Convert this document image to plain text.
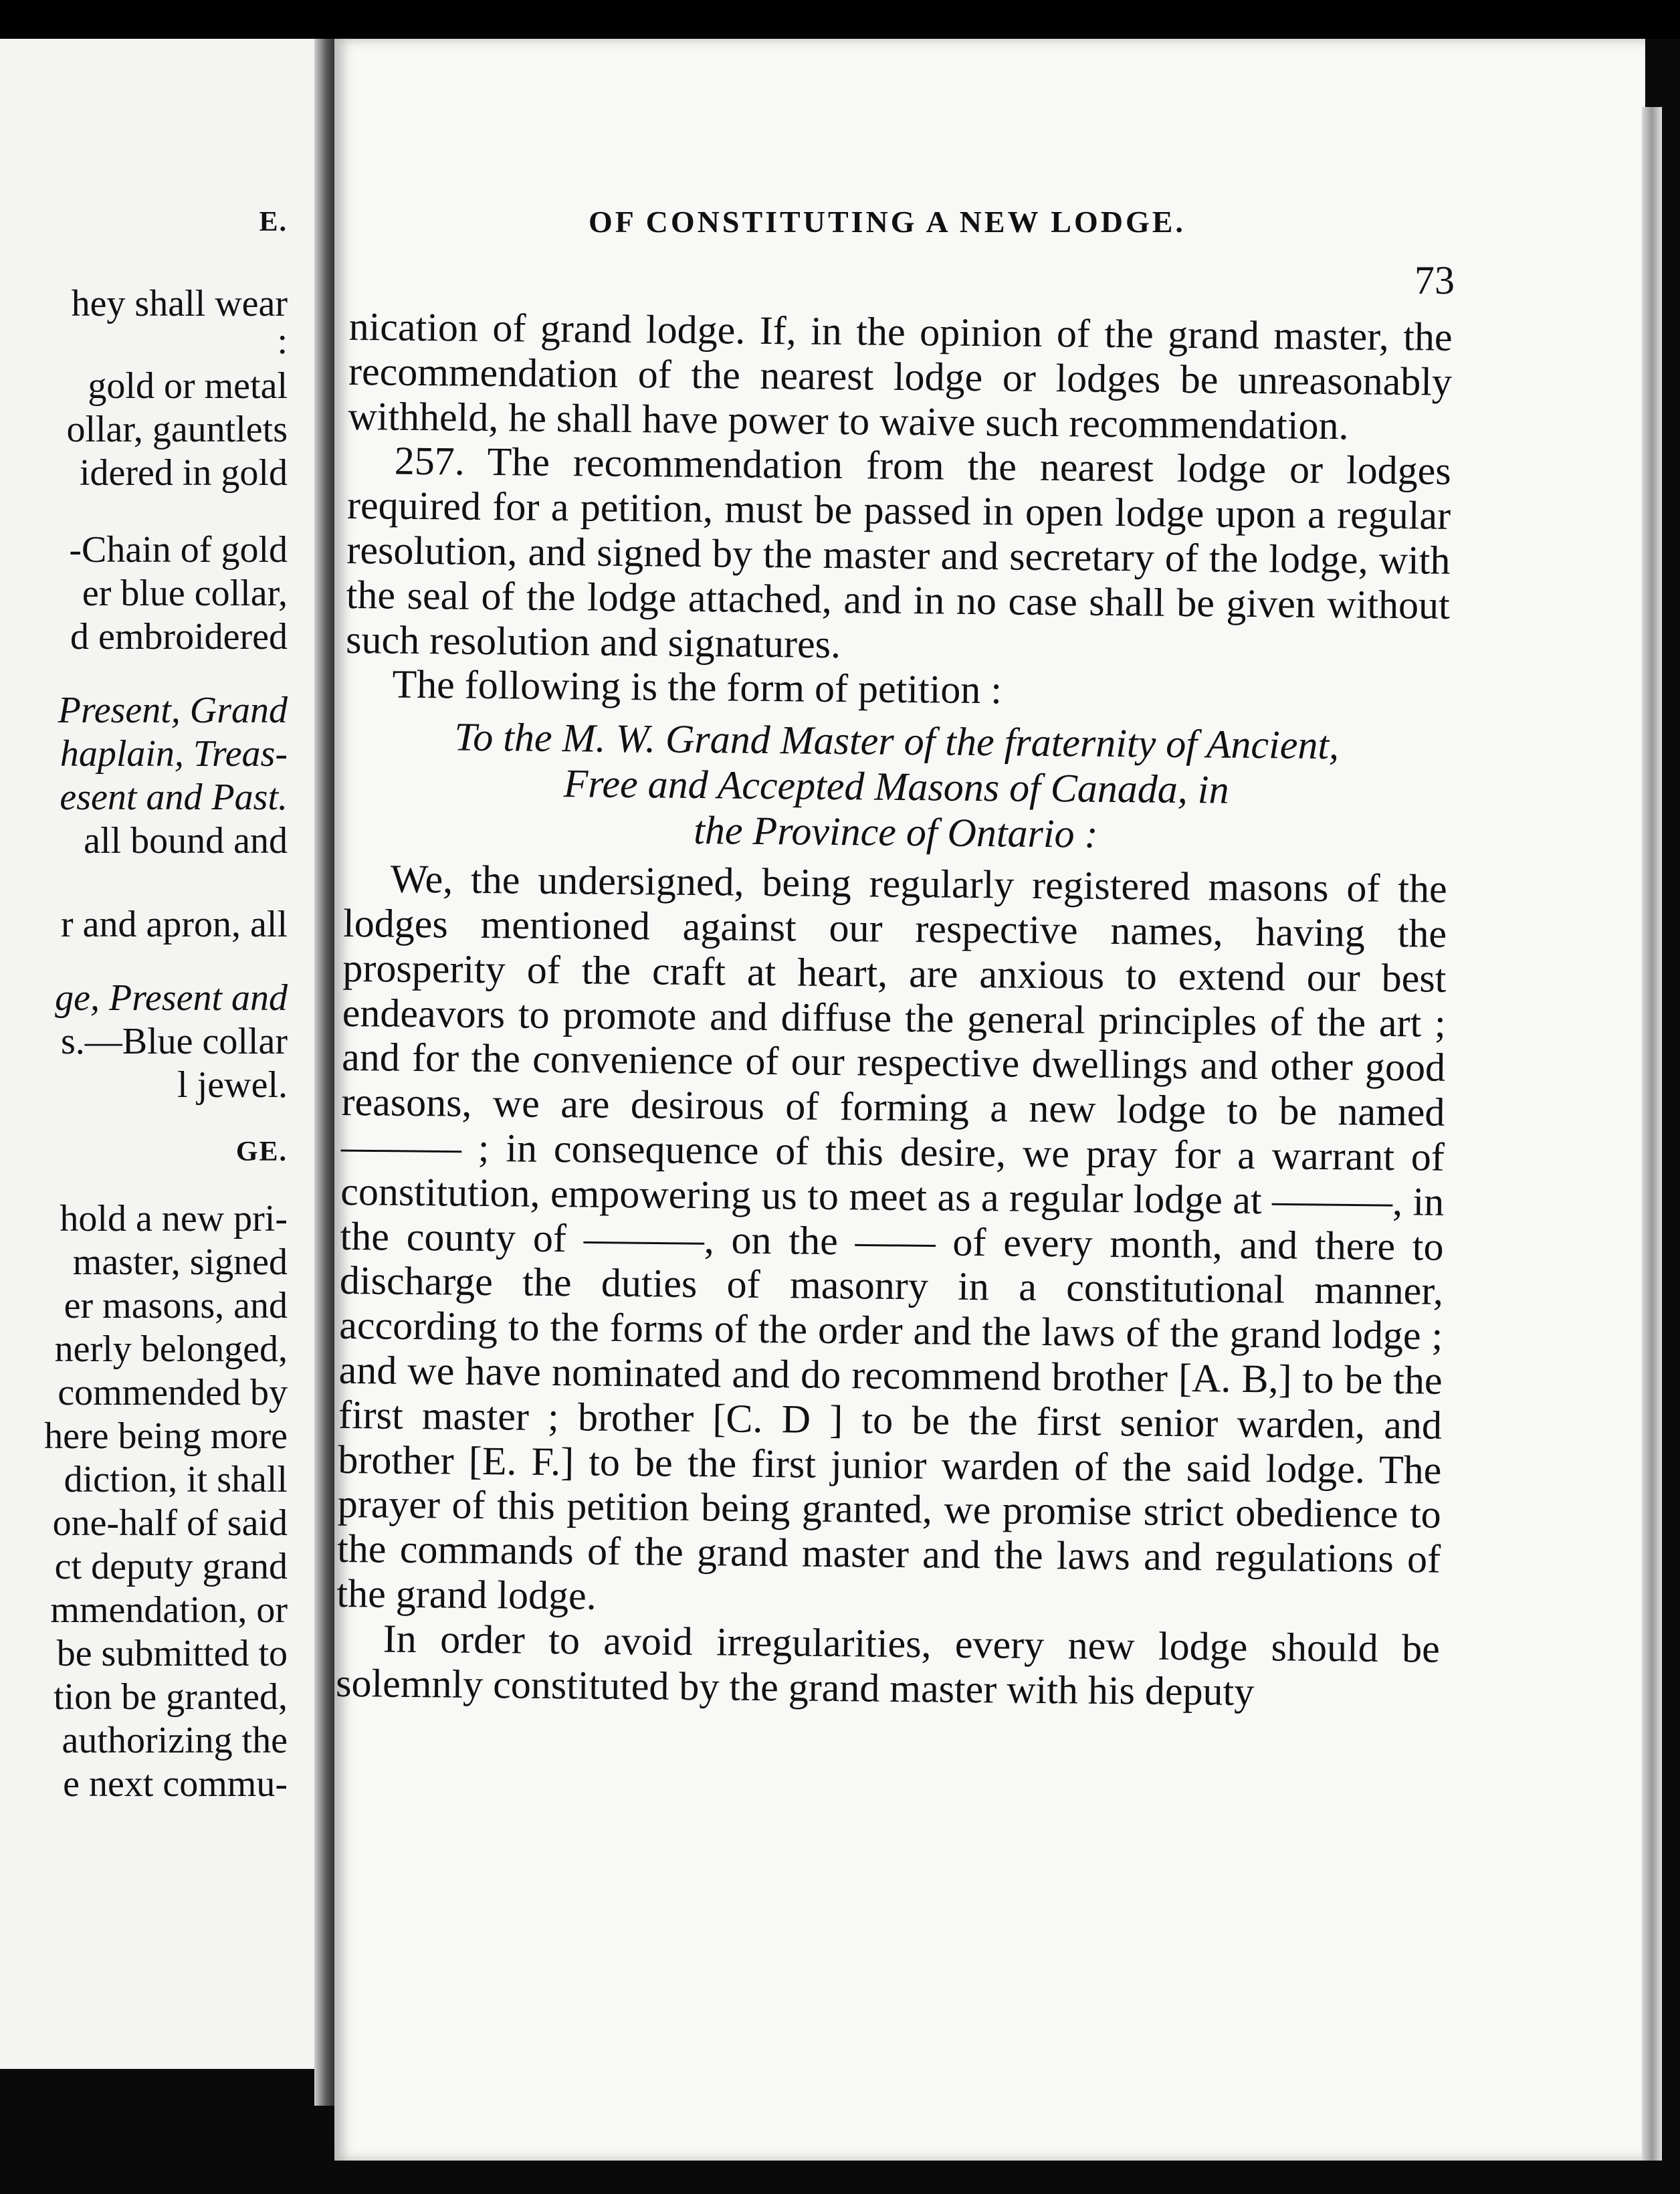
E.
hey shall wear
:
gold or metal
ollar, gauntlets
idered in gold
-Chain of gold
er blue collar,
d embroidered
Present, Grand
haplain, Treas-
esent and Past.
all bound and
r and apron, all
ge, Present and
s.—Blue collar
l jewel.
GE.
hold a new pri-
master, signed
er masons, and
nerly belonged,
commended by
here being more
diction, it shall
one-half of said
ct deputy grand
mmendation, or
be submitted to
tion be granted,
authorizing the
e next commu-
OF CONSTITUTING A NEW LODGE.
73

nication of grand lodge. If, in the opinion of the grand master, the recommendation of the nearest lodge or lodges be unreasonably withheld, he shall have power to waive such recommendation.

257. The recommendation from the nearest lodge or lodges required for a petition, must be passed in open lodge upon a regular resolution, and signed by the master and secretary of the lodge, with the seal of the lodge attached, and in no case shall be given without such resolution and signatures.

The following is the form of petition :

To the M. W. Grand Master of the fraternity of Ancient,
Free and Accepted Masons of Canada, in
the Province of Ontario :

We, the undersigned, being regularly registered masons of the lodges mentioned against our respective names, having the prosperity of the craft at heart, are anxious to extend our best endeavors to promote and diffuse the general principles of the art ; and for the convenience of our respective dwellings and other good reasons, we are desirous of forming a new lodge to be named ——— ; in consequence of this desire, we pray for a warrant of constitution, empowering us to meet as a regular lodge at ———, in the county of ———, on the —— of every month, and there to discharge the duties of masonry in a constitutional manner, according to the forms of the order and the laws of the grand lodge ; and we have nominated and do recommend brother [A. B,] to be the first master ; brother [C. D ] to be the first senior warden, and brother [E. F.] to be the first junior warden of the said lodge. The prayer of this petition being granted, we promise strict obedience to the commands of the grand master and the laws and regulations of the grand lodge.

In order to avoid irregularities, every new lodge should be solemnly constituted by the grand master with his deputy
